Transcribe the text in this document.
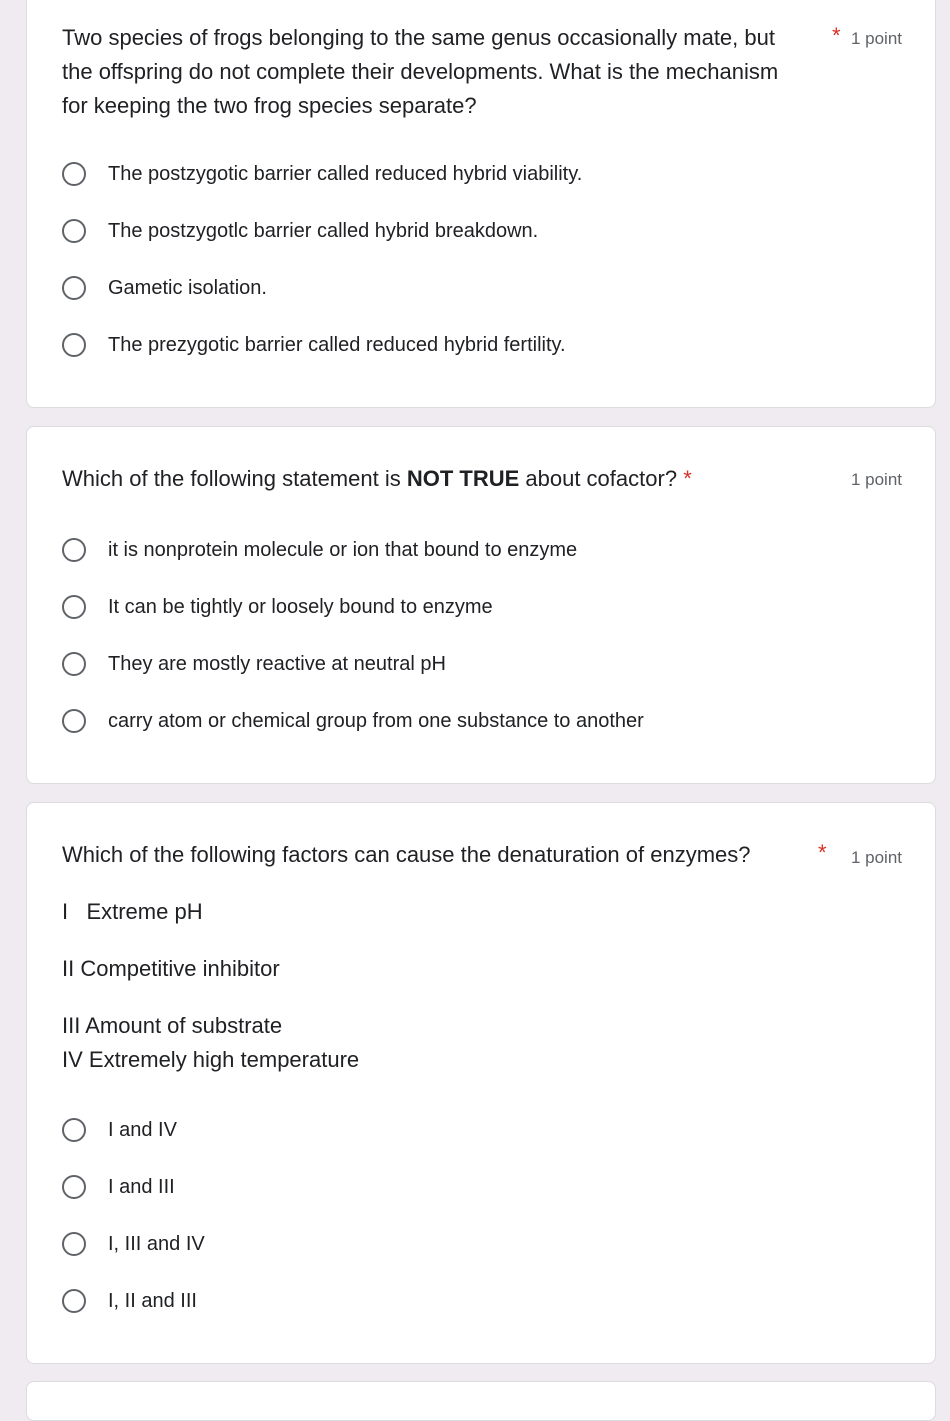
Two species of frogs belonging to the same genus occasionally mate, but
the offspring do not complete their developments. What is the mechanism
for keeping the two frog species separate?
* 1 point
The postzygotic barrier called reduced hybrid viability.
The postzygotlc barrier called hybrid breakdown.
Gametic isolation.
The prezygotic barrier called reduced hybrid fertility.
Which of the following statement is NOT TRUE about cofactor? *	1 point
it is nonprotein molecule or ion that bound to enzyme
It can be tightly or loosely bound to enzyme
They are mostly reactive at neutral pH
carry atom or chemical group from one substance to another
Which of the following factors can cause the denaturation of enzymes?	* 1 point
I   Extreme pH
II Competitive inhibitor
III Amount of substrate
IV Extremely high temperature
I and IV
I and III
I, III and IV
I, II and III
